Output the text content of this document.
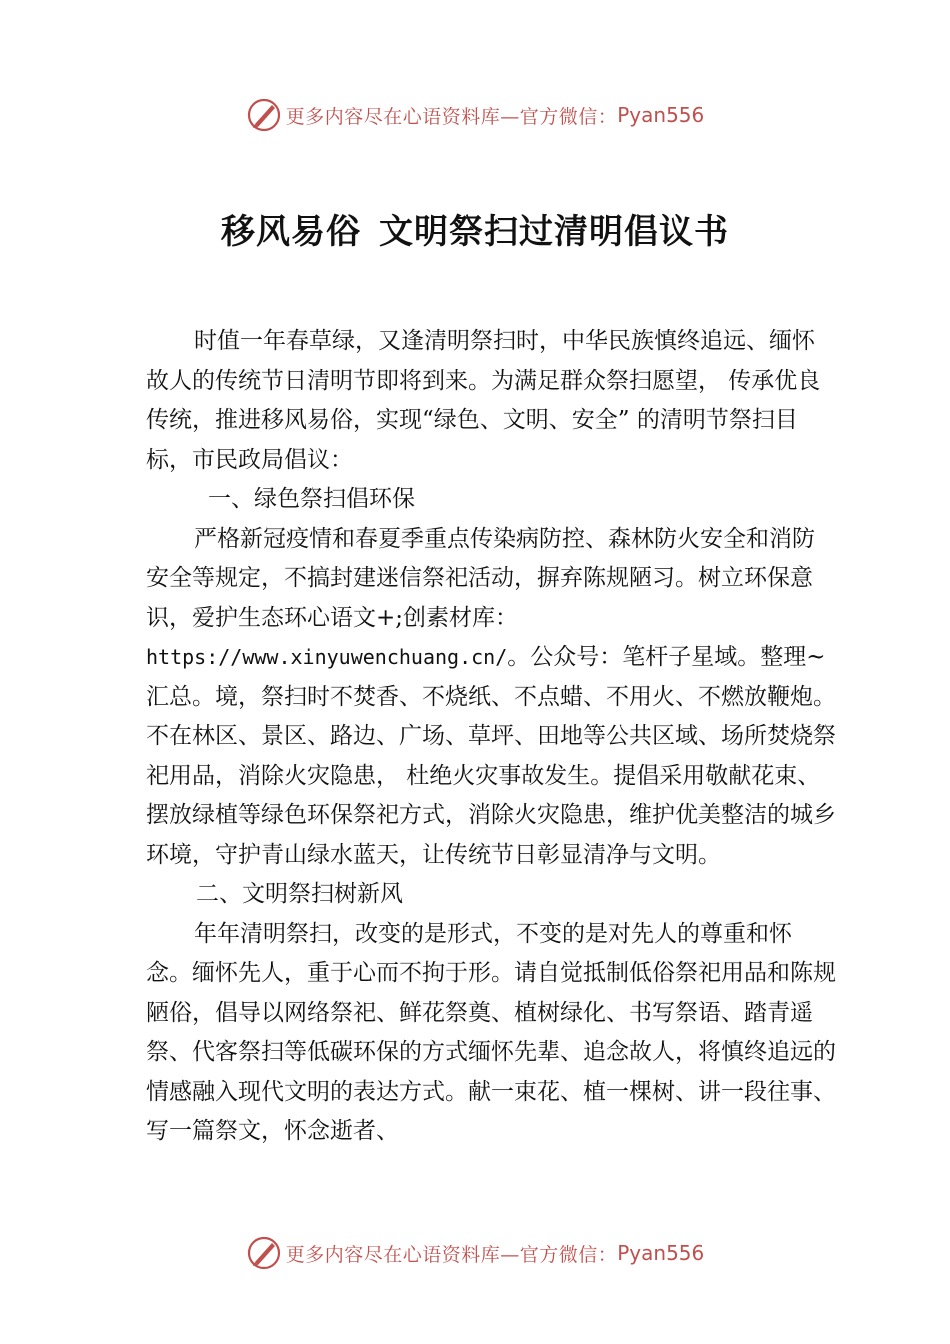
更多内容尽在心语资料库—官方微信： Pyan556
移风易俗 文明祭扫过清明倡议书

时值一年春草绿，又逢清明祭扫时，中华民族慎终追远、缅怀故人的传统节日清明节即将到来。为满足群众祭扫愿望， 传承优良传统，推进移风易俗，实现“绿色、文明、安全” 的清明节祭扫目标，市民政局倡议：

一、绿色祭扫倡环保

严格新冠疫情和春夏季重点传染病防控、森林防火安全和消防安全等规定，不搞封建迷信祭祀活动，摒弃陈规陋习。树立环保意识，爱护生态环心语文+;创素材库：https://www.xinyuwenchuang.cn/。公众号：笔杆子星域。整理~汇总。境，祭扫时不焚香、不烧纸、不点蜡、不用火、不燃放鞭炮。不在林区、景区、路边、广场、草坪、田地等公共区域、场所焚烧祭祀用品，消除火灾隐患， 杜绝火灾事故发生。提倡采用敬献花束、摆放绿植等绿色环保祭祀方式，消除火灾隐患，维护优美整洁的城乡环境，守护青山绿水蓝天，让传统节日彰显清净与文明。

二、文明祭扫树新风

年年清明祭扫，改变的是形式，不变的是对先人的尊重和怀念。缅怀先人，重于心而不拘于形。请自觉抵制低俗祭祀用品和陈规陋俗，倡导以网络祭祀、鲜花祭奠、植树绿化、书写祭语、踏青遥祭、代客祭扫等低碳环保的方式缅怀先辈、追念故人，将慎终追远的情感融入现代文明的表达方式。献一束花、植一棵树、讲一段往事、写一篇祭文，怀念逝者、

更多内容尽在心语资料库—官方微信： Pyan556
